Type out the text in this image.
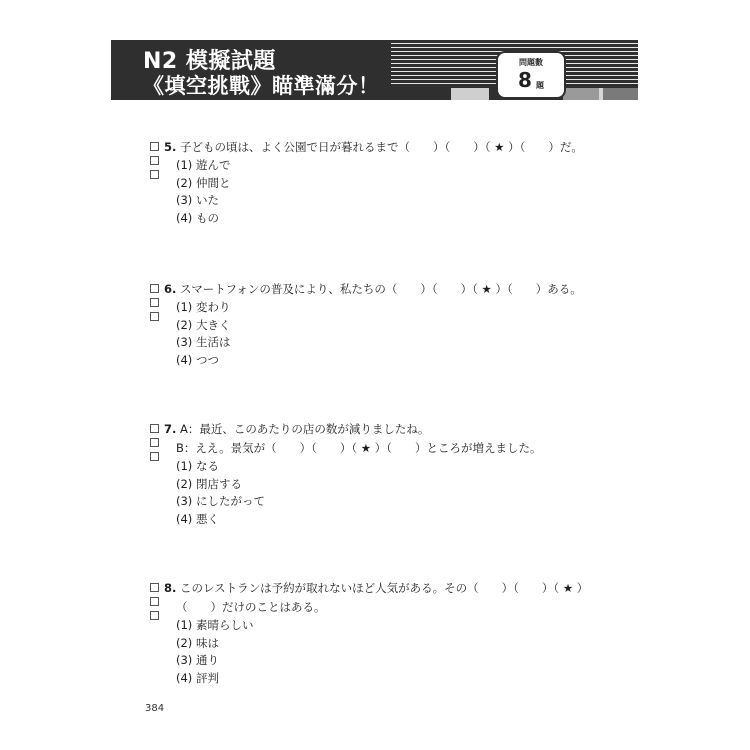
N2 模擬試題
《填空挑戰》瞄準滿分！
問題數
8 題
5. 子どもの頃は、よく公園で日が暮れるまで（　　）（　　）（ ★ ）（　　）だ。
(1) 遊んで
(2) 仲間と
(3) いた
(4) もの
6. スマートフォンの普及により、私たちの（　　）（　　）（ ★ ）（　　）ある。
(1) 変わり
(2) 大きく
(3) 生活は
(4) つつ
7. A：最近、このあたりの店の数が減りましたね。
B：ええ。景気が（　　）（　　）（ ★ ）（　　）ところが増えました。
(1) なる
(2) 閉店する
(3) にしたがって
(4) 悪く
8. このレストランは予約が取れないほど人気がある。その（　　）（　　）（ ★ ）
（　　）だけのことはある。
(1) 素晴らしい
(2) 味は
(3) 通り
(4) 評判
384
